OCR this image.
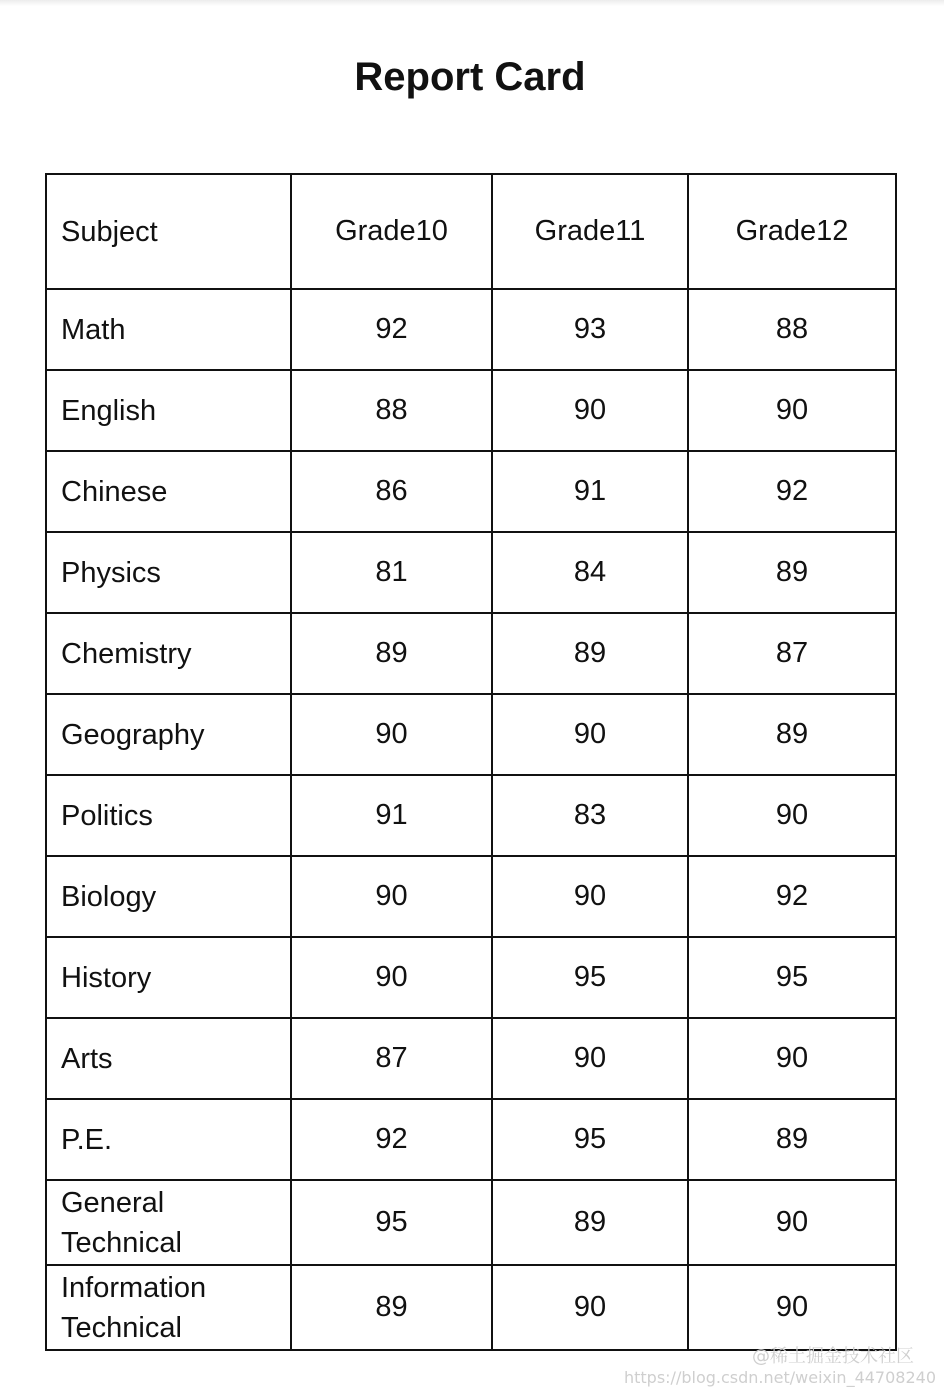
Report Card
Subject	Grade10	Grade11	Grade12
Math	92	93	88
English	88	90	90
Chinese	86	91	92
Physics	81	84	89
Chemistry	89	89	87
Geography	90	90	89
Politics	91	83	90
Biology	90	90	92
History	90	95	95
Arts	87	90	90
P.E.	92	95	89
General Technical	95	89	90
Information Technical	89	90	90
@稀土掘金技术社区
https://blog.csdn.net/weixin_44708240
